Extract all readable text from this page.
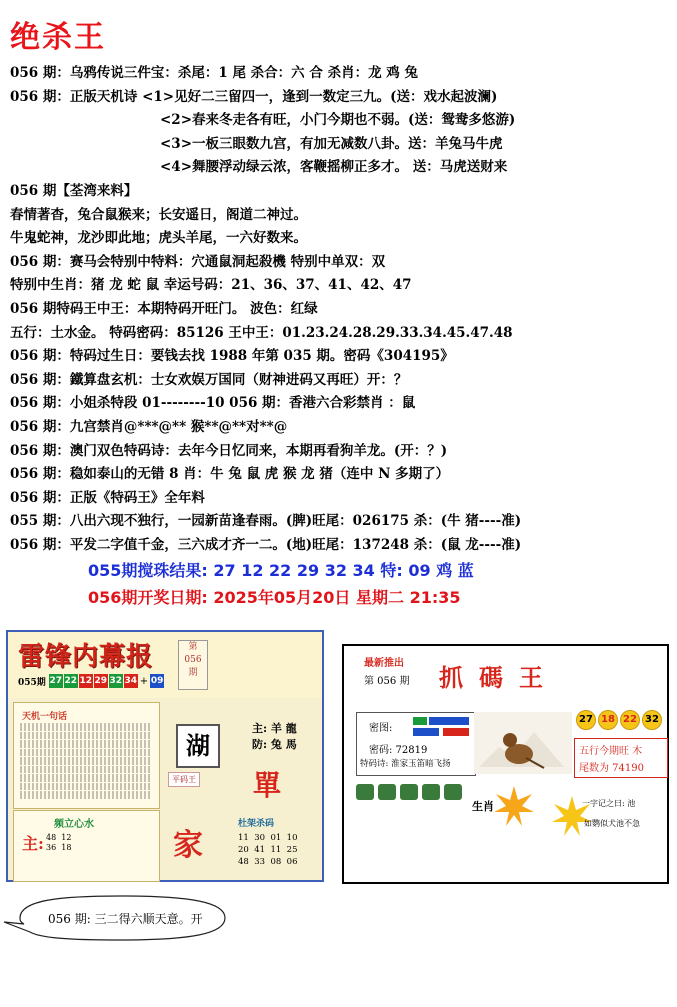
绝杀王
056 期：乌鸦传说三件宝：杀尾：1 尾 杀合：六 合 杀肖：龙 鸡 兔
056 期：正版天机诗 <1>见好二三留四一，逢到一数定三九。(送：戏水起波澜)
<2>春来冬走各有旺，小门今期也不弱。(送：鸳鸯多悠游)
<3>一板三眼数九宫，有加无减数八卦。送：羊兔马牛虎
<4>舞腰浮动绿云浓，客鞭摇柳正多才。 送：马虎送财来
056 期【荃湾来料】
春情著杳，兔合鼠猴来；长安遥日，阁道二神过。
牛鬼蛇神，龙沙即此地；虎头羊尾，一六好数来。
056 期：赛马会特别中特料：穴通鼠洞起殺機 特别中单双：双
特别中生肖：猪 龙 蛇 鼠 幸运号码：21、36、37、41、42、47
056 期特码王中王：本期特码开旺门。 波色：红绿
五行：土水金。 特码密码：85126 王中王：01.23.24.28.29.33.34.45.47.48
056 期：特码过生日：要钱去找 1988 年第 035 期。密码《304195》
056 期：鐵算盘玄机：士女欢娱万国同（财神进码又再旺）开：？
056 期：小姐杀特段 01--------10 056 期：香港六合彩禁肖 ：鼠
056 期：九宫禁肖@***@** 猴**@**对**@
056 期：澳门双色特码诗：去年今日忆同来，本期再看狗羊龙。(开：？)
056 期：稳如泰山的无错 8 肖：牛 兔 鼠 虎 猴 龙 猪（连中 N 多期了）
056 期：正版《特码王》全年料
055 期：八出六现不独行，一园新苗逢春雨。(脾)旺尾：026175 杀：(牛 猪----准)
056 期：平发二字值千金，三六成才齐一二。(地)旺尾：137248 杀：(鼠 龙----准)
055期搅珠结果: 27 12 22 29 32 34 特: 09 鸡 蓝
056期开奖日期: 2025年05月20日 星期二 21:35
雷锋内幕报	第
056
期
055期 27 22 12 29 32 34 + 09
天机一句话
湖
主: 羊 龍
防: 兔 馬
平码王 單
频立心水
主: 48  12
36  18	家
杜架杀码
11  30  01  10
20  41  11  25
48  33  08  06
最新推出
第 056 期 抓碼王
密图:
密码: 72819
特码诗: 淮家玉笛暗飞扬
27 18 22 32
五行今期旺 木
尾数为 74190
生肖	一字记之曰: 池
如鹦似犬池不急
056 期: 三二得六顺天意。开
